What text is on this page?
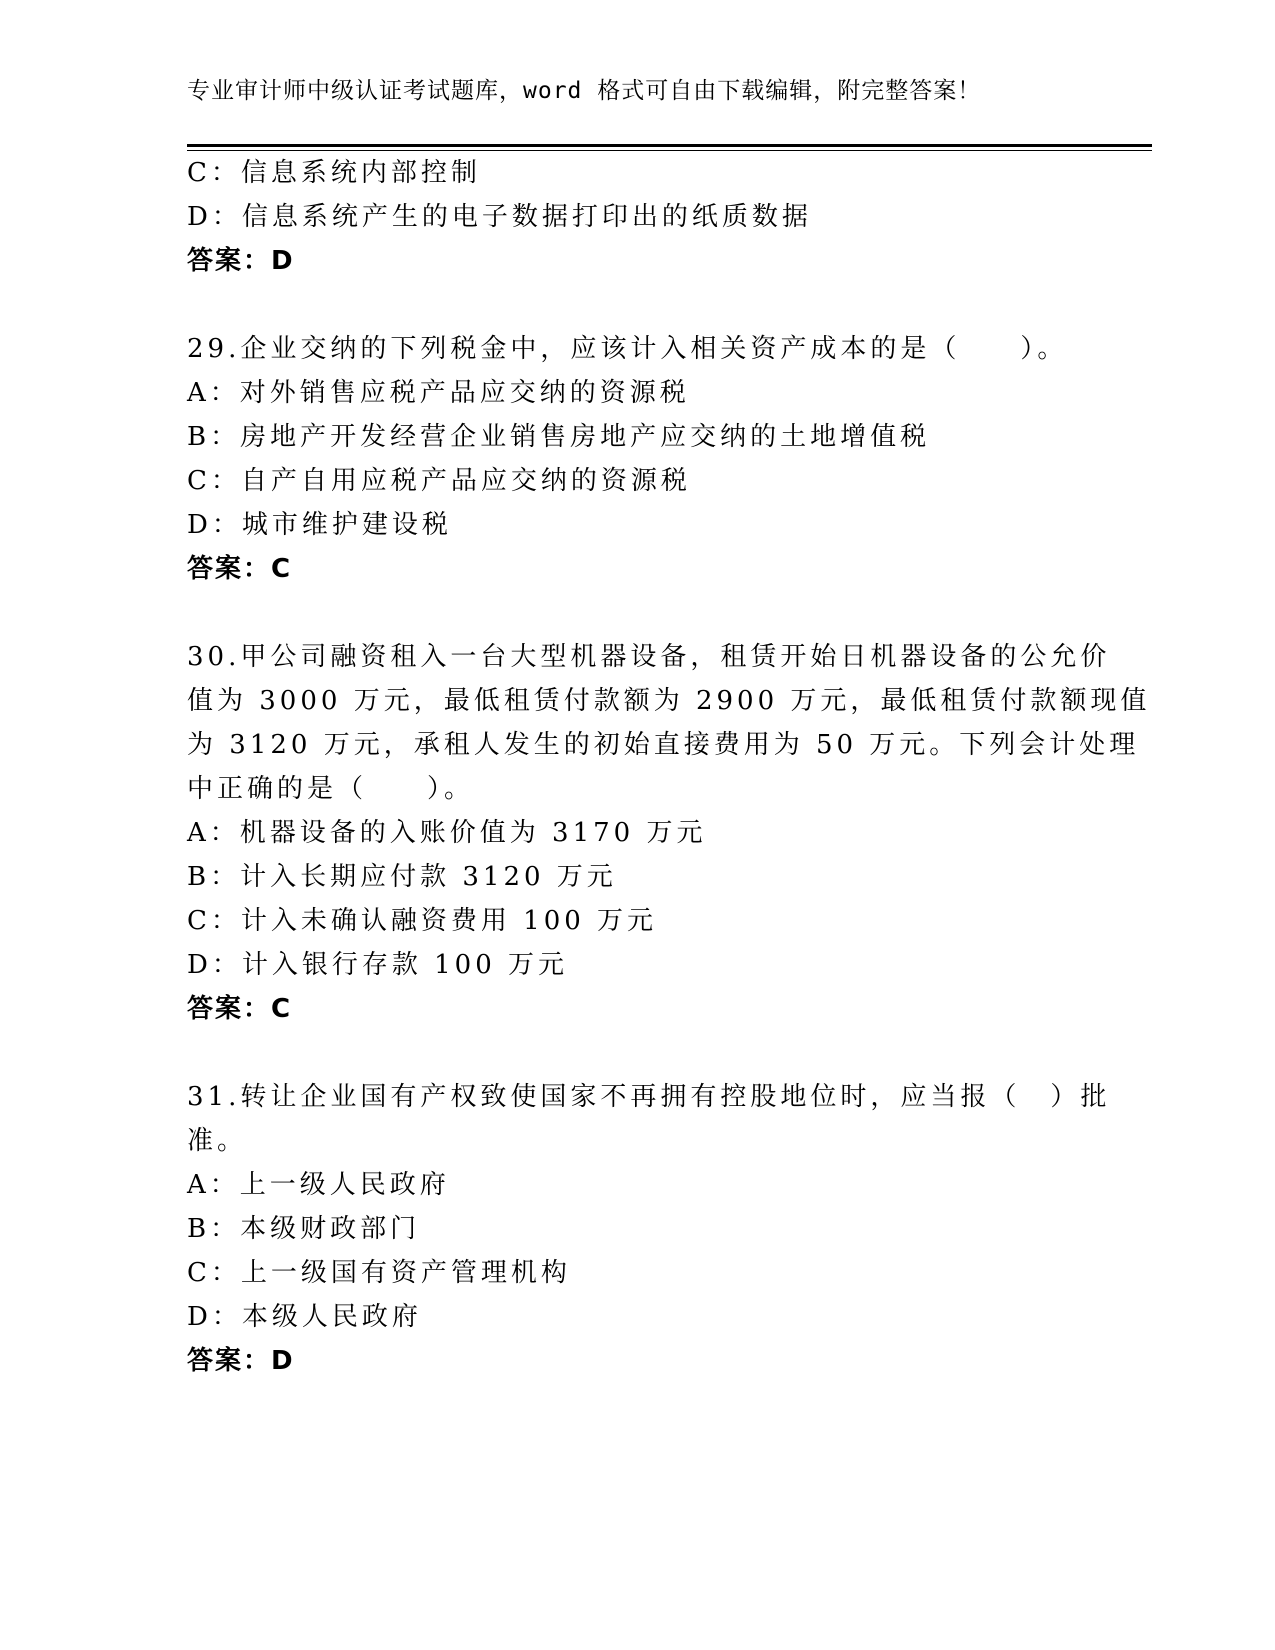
专业审计师中级认证考试题库，word 格式可自由下载编辑，附完整答案！
C：信息系统内部控制
D：信息系统产生的电子数据打印出的纸质数据
答案：D
29.企业交纳的下列税金中，应该计入相关资产成本的是（　　）。
A：对外销售应税产品应交纳的资源税
B：房地产开发经营企业销售房地产应交纳的土地增值税
C：自产自用应税产品应交纳的资源税
D：城市维护建设税
答案：C
30.甲公司融资租入一台大型机器设备，租赁开始日机器设备的公允价
值为 3000 万元，最低租赁付款额为 2900 万元，最低租赁付款额现值
为 3120 万元，承租人发生的初始直接费用为 50 万元。下列会计处理
中正确的是（　　）。
A：机器设备的入账价值为 3170 万元
B：计入长期应付款 3120 万元
C：计入未确认融资费用 100 万元
D：计入银行存款 100 万元
答案：C
31.转让企业国有产权致使国家不再拥有控股地位时，应当报（　）批
准。
A：上一级人民政府
B：本级财政部门
C：上一级国有资产管理机构
D：本级人民政府
答案：D
